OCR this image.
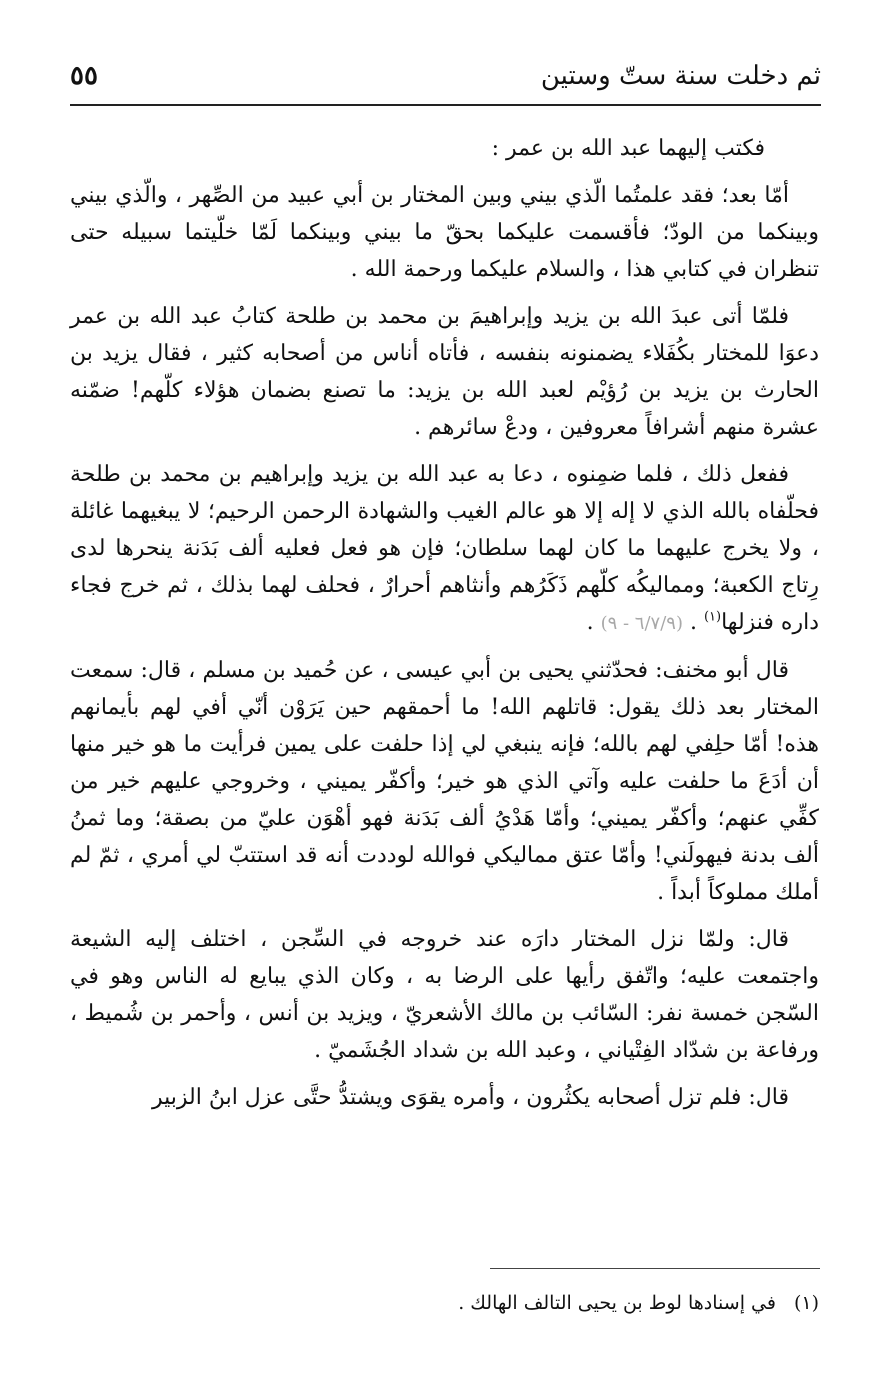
ثم دخلت سنة ستّ وستين
٥٥

فكتب إليهما عبد الله بن عمر :

أمّا بعد؛ فقد علمتُما الّذي بيني وبين المختار بن أبي عبيد من الصِّهر ، والّذي بيني وبينكما من الودّ؛ فأقسمت عليكما بحقّ ما بيني وبينكما لَمّا خلّيتما سبيله حتى تنظران في كتابي هذا ، والسلام عليكما ورحمة الله .

فلمّا أتى عبدَ الله بن يزيد وإبراهيمَ بن محمد بن طلحة كتابُ عبد الله بن عمر دعوَا للمختار بكُفَلاء يضمنونه بنفسه ، فأتاه أناس من أصحابه كثير ، فقال يزيد بن الحارث بن يزيد بن رُؤيْم لعبد الله بن يزيد: ما تصنع بضمان هؤلاء كلّهم! ضمّنه عشرة منهم أشرافاً معروفين ، ودعْ سائرهم .

ففعل ذلك ، فلما ضمِنوه ، دعا به عبد الله بن يزيد وإبراهيم بن محمد بن طلحة فحلّفاه بالله الذي لا إله إلا هو عالم الغيب والشهادة الرحمن الرحيم؛ لا يبغيهما غائلة ، ولا يخرج عليهما ما كان لهما سلطان؛ فإن هو فعل فعليه ألف بَدَنة ينحرها لدى رِتاج الكعبة؛ ومماليكُه كلّهم ذَكَرُهم وأنثاهم أحرارٌ ، فحلف لهما بذلك ، ثم خرج فجاء داره فنزلها$^{(١)}$ . (٦/٧/٩ - ٩) .

قال أبو مخنف: فحدّثني يحيى بن أبي عيسى ، عن حُميد بن مسلم ، قال: سمعت المختار بعد ذلك يقول: قاتلهم الله! ما أحمقهم حين يَرَوْن أنّي أفي لهم بأيمانهم هذه! أمّا حلِفي لهم بالله؛ فإنه ينبغي لي إذا حلفت على يمين فرأيت ما هو خير منها أن أدَعَ ما حلفت عليه وآتي الذي هو خير؛ وأكفّر يميني ، وخروجي عليهم خير من كفِّي عنهم؛ وأكفّر يميني؛ وأمّا هَدْيُ ألف بَدَنة فهو أهْوَن عليّ من بصقة؛ وما ثمنُ ألف بدنة فيهولَني! وأمّا عتق مماليكي فوالله لوددت أنه قد استتبّ لي أمري ، ثمّ لم أملك مملوكاً أبداً .

قال: ولمّا نزل المختار دارَه عند خروجه في السِّجن ، اختلف إليه الشيعة واجتمعت عليه؛ واتّفق رأيها على الرضا به ، وكان الذي يبايع له الناس وهو في السّجن خمسة نفر: السّائب بن مالك الأشعريّ ، ويزيد بن أنس ، وأحمر بن شُميط ، ورفاعة بن شدّاد الفِتْياني ، وعبد الله بن شداد الجُشَميّ .

قال: فلم تزل أصحابه يكثُرون ، وأمره يقوَى ويشتدُّ حتَّى عزل ابنُ الزبير

(١)في إسنادها لوط بن يحيى التالف الهالك .
